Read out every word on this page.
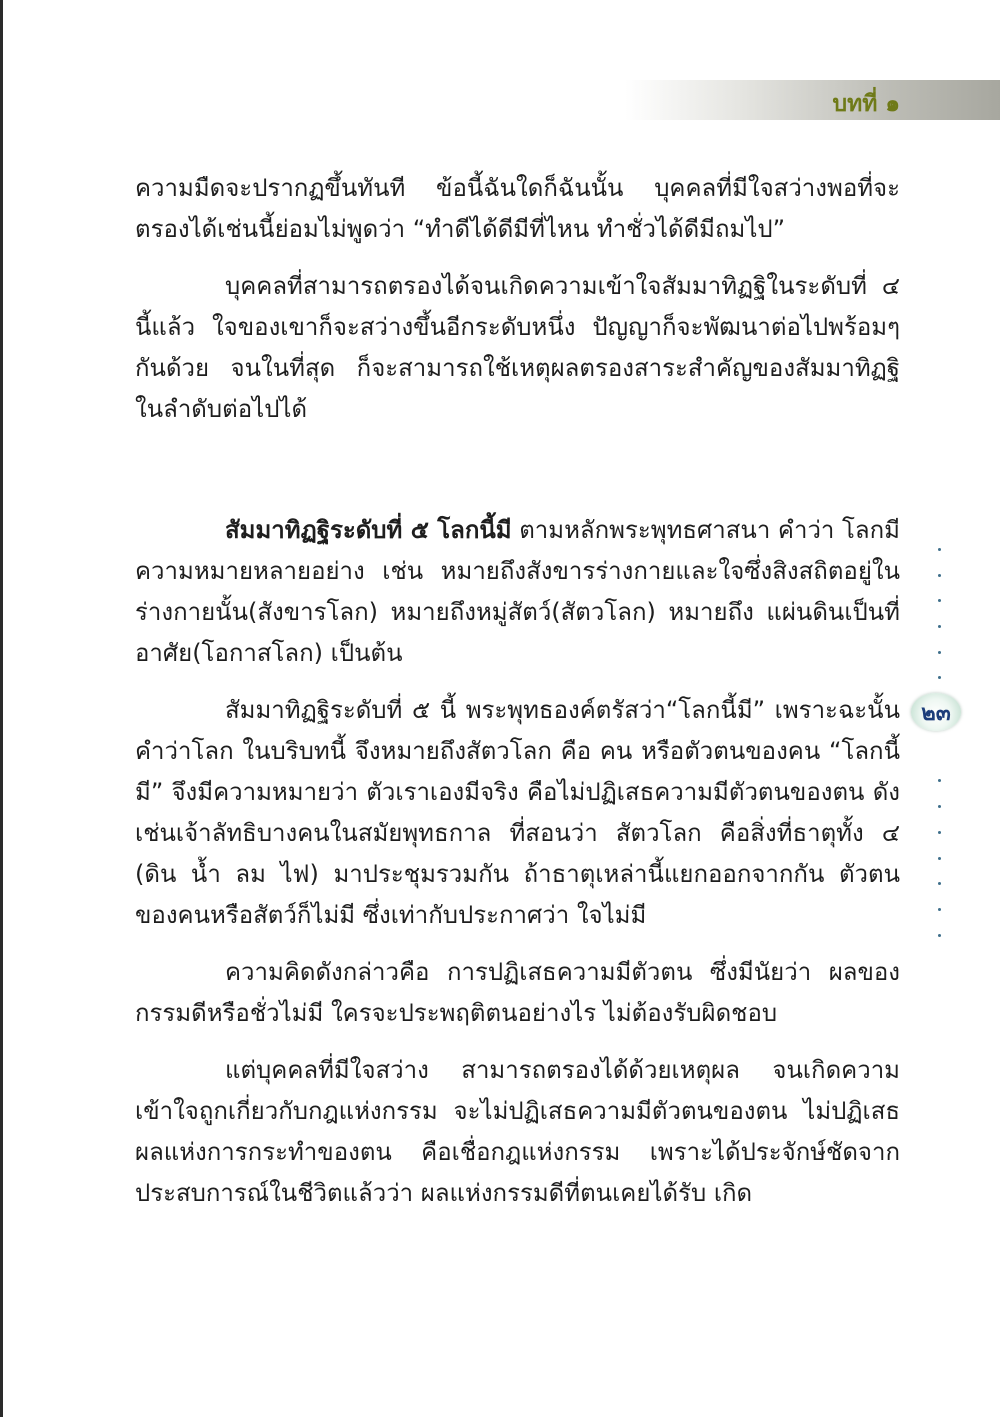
บทที่ ๑

ความมืดจะปรากฏขึ้นทันที ข้อนี้ฉันใดก็ฉันนั้น บุคคลที่มีใจสว่างพอที่จะตรองได้เช่นนี้ย่อมไม่พูดว่า “ทำดีได้ดีมีที่ไหน ทำชั่วได้ดีมีถมไป”

บุคคลที่สามารถตรองได้จนเกิดความเข้าใจสัมมาทิฏฐิในระดับที่ ๔ นี้แล้ว ใจของเขาก็จะสว่างขึ้นอีกระดับหนึ่ง ปัญญาก็จะพัฒนาต่อไปพร้อมๆ กันด้วย จนในที่สุด ก็จะสามารถใช้เหตุผลตรองสาระสำคัญของสัมมาทิฏฐิ ในลำดับต่อไปได้

สัมมาทิฏฐิระดับที่ ๕ โลกนี้มี ตามหลักพระพุทธศาสนา คำว่า โลกมีความหมายหลายอย่าง เช่น หมายถึงสังขารร่างกายและใจซึ่งสิงสถิตอยู่ในร่างกายนั้น(สังขารโลก) หมายถึงหมู่สัตว์(สัตวโลก) หมายถึง แผ่นดินเป็นที่อาศัย(โอกาสโลก) เป็นต้น

สัมมาทิฏฐิระดับที่ ๕ นี้ พระพุทธองค์ตรัสว่า“โลกนี้มี” เพราะฉะนั้น คำว่าโลก ในบริบทนี้ จึงหมายถึงสัตวโลก คือ คน หรือตัวตนของคน “โลกนี้มี” จึงมีความหมายว่า ตัวเราเองมีจริง คือไม่ปฏิเสธความมีตัวตนของตน ดังเช่นเจ้าลัทธิบางคนในสมัยพุทธกาล ที่สอนว่า สัตวโลก คือสิ่งที่ธาตุทั้ง ๔ (ดิน น้ำ ลม ไฟ) มาประชุมรวมกัน ถ้าธาตุเหล่านี้แยกออกจากกัน ตัวตนของคนหรือสัตว์ก็ไม่มี ซึ่งเท่ากับประกาศว่า ใจไม่มี

ความคิดดังกล่าวคือ การปฏิเสธความมีตัวตน ซึ่งมีนัยว่า ผลของกรรมดีหรือชั่วไม่มี ใครจะประพฤติตนอย่างไร ไม่ต้องรับผิดชอบ

แต่บุคคลที่มีใจสว่าง สามารถตรองได้ด้วยเหตุผล จนเกิดความเข้าใจถูกเกี่ยวกับกฎแห่งกรรม จะไม่ปฏิเสธความมีตัวตนของตน ไม่ปฏิเสธผลแห่งการกระทำของตน คือเชื่อกฎแห่งกรรม เพราะได้ประจักษ์ชัดจากประสบการณ์ในชีวิตแล้วว่า ผลแห่งกรรมดีที่ตนเคยได้รับ เกิด

๒๓
